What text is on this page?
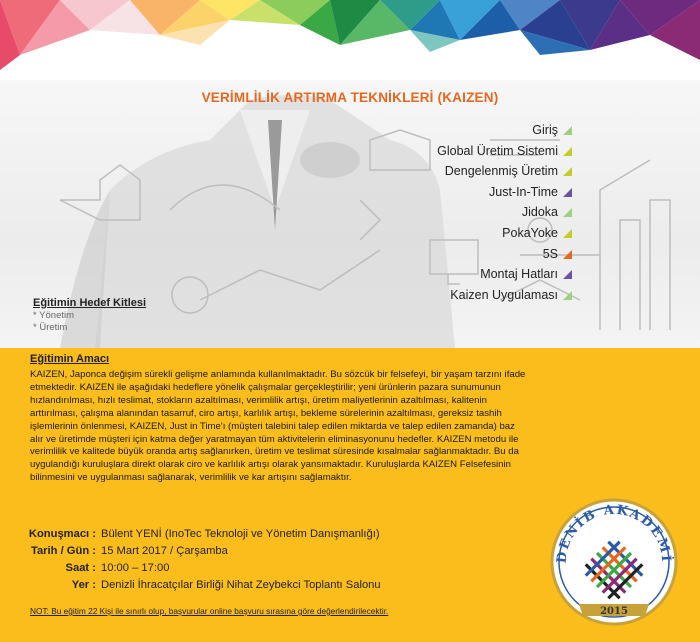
VERİMLİLİK ARTIRMA TEKNİKLERİ (KAIZEN)
Giriş
Global Üretim Sistemi
Dengelenmiş Üretim
Just-In-Time
Jidoka
PokaYoke
5S
Montaj Hatları
Kaizen Uygulaması
Eğitimin Hedef Kitlesi
* Yönetim
* Üretim
Eğitimin Amacı
KAIZEN, Japonca değişim sürekli gelişme anlamında kullanılmaktadır. Bu sözcük bir felsefeyi, bir yaşam tarzını ifade
etmektedir. KAIZEN ile aşağıdaki hedeflere yönelik çalışmalar gerçekleştirilir; yeni ürünlerin pazara sunumunun
hızlandırılması, hızlı teslimat, stokların azaltılması, verimlilik artışı, üretim maliyetlerinin azaltılması, kalitenin
arttırılması, çalışma alanından tasarruf, ciro artışı, karlılık artışı, bekleme sürelerinin azaltılması, gereksiz tashih
işlemlerinin önlenmesi, KAIZEN, Just in Time'ı (müşteri talebini talep edilen miktarda ve talep edilen zamanda) baz
alır ve üretimde müşteri için katma değer yaratmayan tüm aktivitelerin eliminasyonunu hedefler. KAIZEN metodu ile
verimlilik ve kalitede büyük oranda artış sağlanırken, üretim ve teslimat süresinde kısalmalar sağlanmaktadır. Bu da
uygulandığı kuruluşlara direkt olarak ciro ve karlılık artışı olarak yansımaktadır. Kuruluşlarda KAIZEN Felsefesinin
bilinmesini ve uygulanması sağlanarak, verimlilik ve kar artışını sağlamaktır.
Konuşmacı : Bülent YENİ (InoTec Teknoloji ve Yönetim Danışmanlığı)
Tarih / Gün : 15 Mart 2017 / Çarşamba
Saat : 10:00 – 17:00
Yer : Denizli İhracatçılar Birliği Nihat Zeybekci Toplantı Salonu
NOT: Bu eğitim 22 Kişi ile sınırlı olup, başvurular online başvuru sırasına göre değerlendirilecektir.
DENİB AKADEMİ
2015
